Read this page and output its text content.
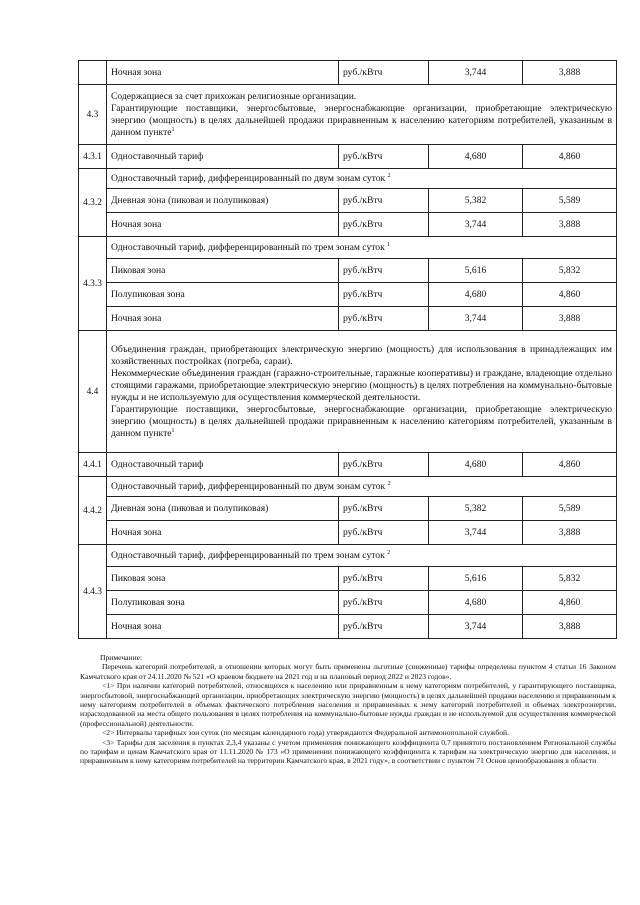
	Ночная зона	руб./кВтч	3,744	3,888
4.3	Содержащиеся за счет прихожан религиозные организации.

Гарантирующие поставщики, энергосбытовые, энергоснабжающие организации, приобретающие электрическую энергию (мощность) в целях дальнейшей продажи приравненным к населению категориям потребителей, указанным в данном пункте$^1$

4.3.1	Одноставочный тариф	руб./кВтч	4,680	4,860
4.3.2	Одноставочный тариф, дифференцированный по двум зонам суток $^2$
	Дневная зона (пиковая и полупиковая)	руб./кВтч	5,382	5,589
	Ночная зона	руб./кВтч	3,744	3,888
4.3.3	Одноставочный тариф, дифференцированный по трем зонам суток $^1$
	Пиковая зона	руб./кВтч	5,616	5,832
	Полупиковая зона	руб./кВтч	4,680	4,860
	Ночная зона	руб./кВтч	3,744	3,888
4.4	Объединения граждан, приобретающих электрическую энергию (мощность) для использования в принадлежащих им хозяйственных постройках (погреба, сараи).

Некоммерческие объединения граждан (гаражно-строительные, гаражные кооперативы) и граждане, владеющие отдельно стоящими гаражами, приобретающие электрическую энергию (мощность) в целях потребления на коммунально-бытовые нужды и не используемую для осуществления коммерческой деятельности.

Гарантирующие поставщики, энергосбытовые, энергоснабжающие организации, приобретающие электрическую энергию (мощность) в целях дальнейшей продажи приравненным к населению категориям потребителей, указанным в данном пункте$^1$

4.4.1	Одноставочный тариф	руб./кВтч	4,680	4,860
4.4.2	Одноставочный тариф, дифференцированный по двум зонам суток $^2$
	Дневная зона (пиковая и полупиковая)	руб./кВтч	5,382	5,589
	Ночная зона	руб./кВтч	3,744	3,888
4.4.3	Одноставочный тариф, дифференцированный по трем зонам суток $^2$
	Пиковая зона	руб./кВтч	5,616	5,832
	Полупиковая зона	руб./кВтч	4,680	4,860
	Ночная зона	руб./кВтч	3,744	3,888

Примечание:

Перечень категорий потребителей, в отношении которых могут быть применены льготные (сниженные) тарифы определены пунктом 4 статьи 16 Законом Камчатского края от 24.11.2020 № 521 «О краевом бюджете на 2021 год и на плановый период 2022 и 2023 годов».

<1> При наличии категорий потребителей, относящихся к населению или приравненным к нему категориям потребителей, у гарантирующего поставщика, энергосбытовой, энергоснабжающей организации, приобретающих электрическую энергию (мощность) в целях дальнейшей продажи населению и приравненным к нему категориям потребителей в объемах фактического потребления населения и приравненных к нему категорий потребителей и объемах электроэнергии, израсходованной на места общего пользования в целях потребления на коммунально-бытовые нужды граждан и не используемой для осуществления коммерческой (профессиональной) деятельности.

<2> Интервалы тарифных зон суток (по месяцам календарного года) утверждаются Федеральной антимонопольной службой.

<3> Тарифы для заселения в пунктах 2,3,4 указаны с учетом применения понижающего коэффициента 0,7 принятого постановлением Региональной службы по тарифам и ценам Камчатского края от 11.11.2020 № 173 «О применении понижающего коэффициента к тарифам на электрическую энергию для населения, и приравненным к нему категориям потребителей на территории Камчатского края, в 2021 году», в соответствии с пунктом 71 Основ ценообразования в области
